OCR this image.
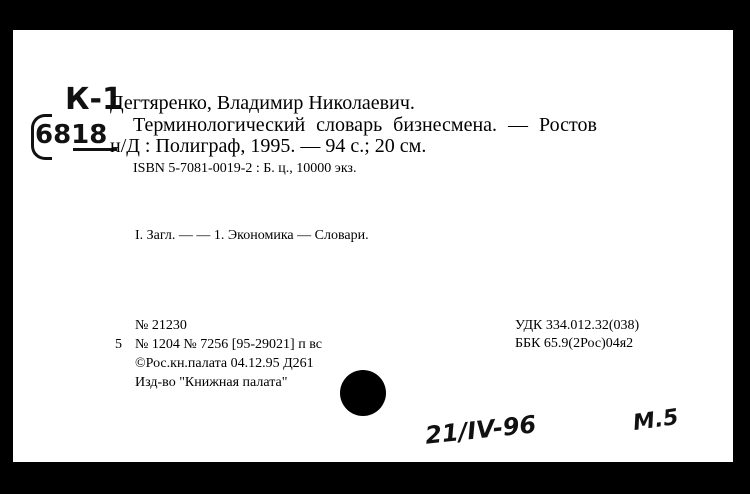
К-1
6818
Дегтяренко, Владимир Николаевич.
Терминологический словарь бизнесмена. — Ростов
н/Д : Полиграф, 1995. — 94 с.; 20 см.
ISBN 5-7081-0019-2 : Б. ц., 10000 экз.
I. Загл. — — 1. Экономика — Словари.
№ 21230
5 № 1204 № 7256 [95-29021] п вс
©Рос.кн.палата 04.12.95 Д261
Изд-во "Книжная палата"
УДК 334.012.32(038)
ББК 65.9(2Рос)04я2
21/IV-96	М.5
